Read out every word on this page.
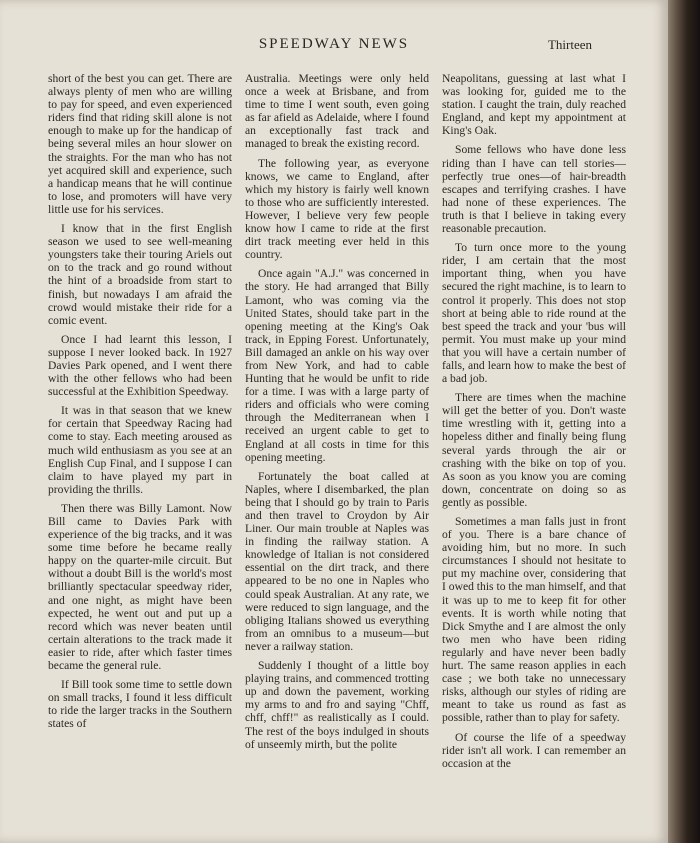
SPEEDWAY NEWS	Thirteen

short of the best you can get. There are always plenty of men who are willing to pay for speed, and even experienced riders find that riding skill alone is not enough to make up for the handicap of being several miles an hour slower on the straights. For the man who has not yet acquired skill and experience, such a handicap means that he will continue to lose, and promoters will have very little use for his services.

I know that in the first English season we used to see well-meaning youngsters take their touring Ariels out on to the track and go round without the hint of a broadside from start to finish, but nowadays I am afraid the crowd would mistake their ride for a comic event.

Once I had learnt this lesson, I suppose I never looked back. In 1927 Davies Park opened, and I went there with the other fellows who had been successful at the Exhibition Speedway.

It was in that season that we knew for certain that Speedway Racing had come to stay. Each meeting aroused as much wild enthusiasm as you see at an English Cup Final, and I suppose I can claim to have played my part in providing the thrills.

Then there was Billy Lamont. Now Bill came to Davies Park with experience of the big tracks, and it was some time before he became really happy on the quarter-mile circuit. But without a doubt Bill is the world's most brilliantly spectacular speedway rider, and one night, as might have been expected, he went out and put up a record which was never beaten until certain alterations to the track made it easier to ride, after which faster times became the general rule.

If Bill took some time to settle down on small tracks, I found it less difficult to ride the larger tracks in the Southern states of

Australia. Meetings were only held once a week at Brisbane, and from time to time I went south, even going as far afield as Adelaide, where I found an exceptionally fast track and managed to break the existing record.

The following year, as everyone knows, we came to England, after which my history is fairly well known to those who are sufficiently interested. However, I believe very few people know how I came to ride at the first dirt track meeting ever held in this country.

Once again "A.J." was concerned in the story. He had arranged that Billy Lamont, who was coming via the United States, should take part in the opening meeting at the King's Oak track, in Epping Forest. Unfortunately, Bill damaged an ankle on his way over from New York, and had to cable Hunting that he would be unfit to ride for a time. I was with a large party of riders and officials who were coming through the Mediterranean when I received an urgent cable to get to England at all costs in time for this opening meeting.

Fortunately the boat called at Naples, where I disembarked, the plan being that I should go by train to Paris and then travel to Croydon by Air Liner. Our main trouble at Naples was in finding the railway station. A knowledge of Italian is not considered essential on the dirt track, and there appeared to be no one in Naples who could speak Australian. At any rate, we were reduced to sign language, and the obliging Italians showed us everything from an omnibus to a museum—but never a railway station.

Suddenly I thought of a little boy playing trains, and commenced trotting up and down the pavement, working my arms to and fro and saying "Chff, chff, chff!" as realistically as I could. The rest of the boys indulged in shouts of unseemly mirth, but the polite

Neapolitans, guessing at last what I was looking for, guided me to the station. I caught the train, duly reached England, and kept my appointment at King's Oak.

Some fellows who have done less riding than I have can tell stories—perfectly true ones—of hair-breadth escapes and terrifying crashes. I have had none of these experiences. The truth is that I believe in taking every reasonable precaution.

To turn once more to the young rider, I am certain that the most important thing, when you have secured the right machine, is to learn to control it properly. This does not stop short at being able to ride round at the best speed the track and your 'bus will permit. You must make up your mind that you will have a certain number of falls, and learn how to make the best of a bad job.

There are times when the machine will get the better of you. Don't waste time wrestling with it, getting into a hopeless dither and finally being flung several yards through the air or crashing with the bike on top of you. As soon as you know you are coming down, concentrate on doing so as gently as possible.

Sometimes a man falls just in front of you. There is a bare chance of avoiding him, but no more. In such circumstances I should not hesitate to put my machine over, considering that I owed this to the man himself, and that it was up to me to keep fit for other events. It is worth while noting that Dick Smythe and I are almost the only two men who have been riding regularly and have never been badly hurt. The same reason applies in each case ; we both take no unnecessary risks, although our styles of riding are meant to take us round as fast as possible, rather than to play for safety.

Of course the life of a speedway rider isn't all work. I can remember an occasion at the
